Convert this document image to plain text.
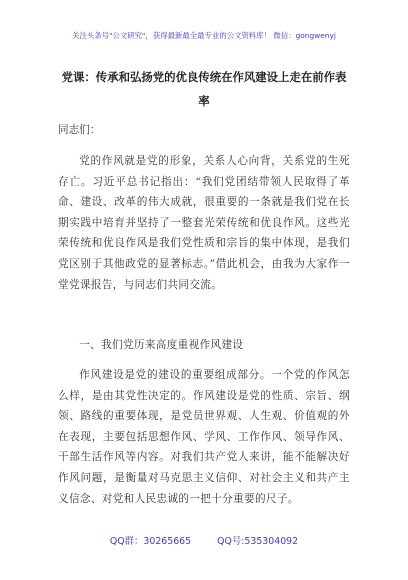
关注头条号"公文研究"，获得最新最全最专业的公文资料库！ 微信：gongwenyj
党课：传承和弘扬党的优良传统在作风建设上走在前作表率

同志们：

党的作风就是党的形象，关系人心向背，关系党的生死存亡。习近平总书记指出：“我们党团结带领人民取得了革命、建设、改革的伟大成就，很重要的一条就是我们党在长期实践中培育并坚持了一整套光荣传统和优良作风。这些光荣传统和优良作风是我们党性质和宗旨的集中体现，是我们党区别于其他政党的显著标志。”借此机会，由我为大家作一堂党课报告，与同志们共同交流。

一、我们党历来高度重视作风建设

作风建设是党的建设的重要组成部分。一个党的作风怎么样，是由其党性决定的。作风建设是党的性质、宗旨、纲领、路线的重要体现，是党员世界观、人生观、价值观的外在表现，主要包括思想作风、学风、工作作风、领导作风、干部生活作风等内容。对我们共产党人来讲，能不能解决好作风问题，是衡量对马克思主义信仰、对社会主义和共产主义信念、对党和人民忠诚的一把十分重要的尺子。

QQ群：30265665	QQ号:535304092
